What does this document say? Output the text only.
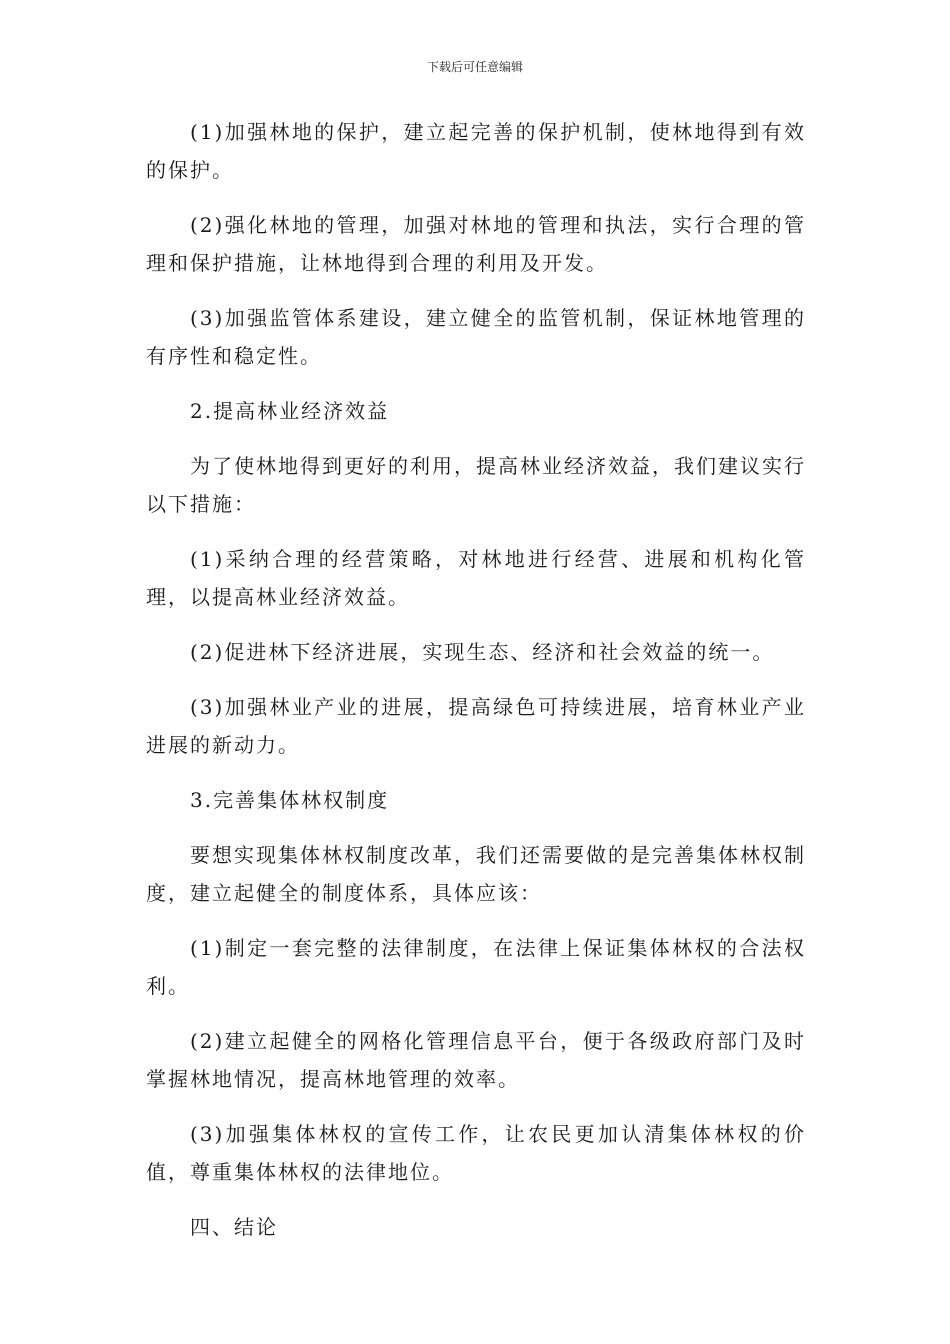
下载后可任意编辑

(1)加强林地的保护，建立起完善的保护机制，使林地得到有效的保护。

(2)强化林地的管理，加强对林地的管理和执法，实行合理的管理和保护措施，让林地得到合理的利用及开发。

(3)加强监管体系建设，建立健全的监管机制，保证林地管理的有序性和稳定性。

2.提高林业经济效益

为了使林地得到更好的利用，提高林业经济效益，我们建议实行以下措施：

(1)采纳合理的经营策略，对林地进行经营、进展和机构化管理，以提高林业经济效益。

(2)促进林下经济进展，实现生态、经济和社会效益的统一。

(3)加强林业产业的进展，提高绿色可持续进展，培育林业产业进展的新动力。

3.完善集体林权制度

要想实现集体林权制度改革，我们还需要做的是完善集体林权制度，建立起健全的制度体系，具体应该：

(1)制定一套完整的法律制度，在法律上保证集体林权的合法权利。

(2)建立起健全的网格化管理信息平台，便于各级政府部门及时掌握林地情况，提高林地管理的效率。

(3)加强集体林权的宣传工作，让农民更加认清集体林权的价值，尊重集体林权的法律地位。

四、结论
